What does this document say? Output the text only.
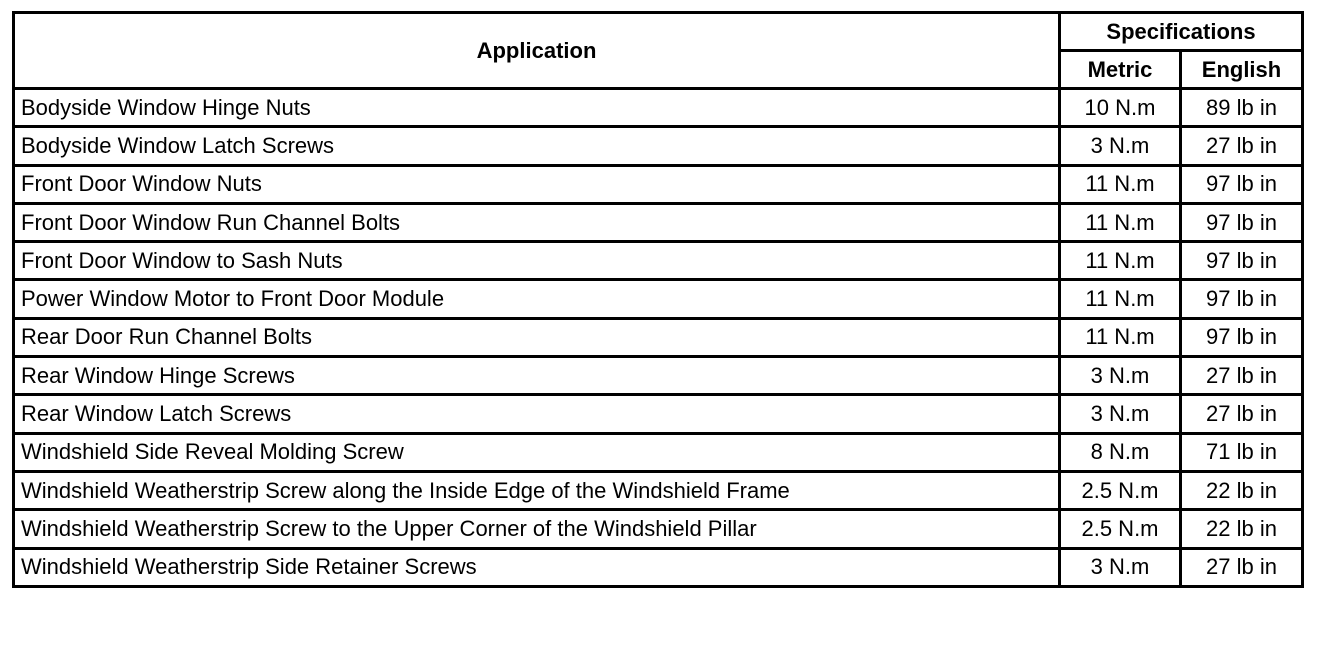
Application	Specifications	
	Metric	English
Bodyside Window Hinge Nuts	10 N.m	89 lb in
Bodyside Window Latch Screws	3 N.m	27 lb in
Front Door Window Nuts	11 N.m	97 lb in
Front Door Window Run Channel Bolts	11 N.m	97 lb in
Front Door Window to Sash Nuts	11 N.m	97 lb in
Power Window Motor to Front Door Module	11 N.m	97 lb in
Rear Door Run Channel Bolts	11 N.m	97 lb in
Rear Window Hinge Screws	3 N.m	27 lb in
Rear Window Latch Screws	3 N.m	27 lb in
Windshield Side Reveal Molding Screw	8 N.m	71 lb in
Windshield Weatherstrip Screw along the Inside Edge of the Windshield Frame	2.5 N.m	22 lb in
Windshield Weatherstrip Screw to the Upper Corner of the Windshield Pillar	2.5 N.m	22 lb in
Windshield Weatherstrip Side Retainer Screws	3 N.m	27 lb in
